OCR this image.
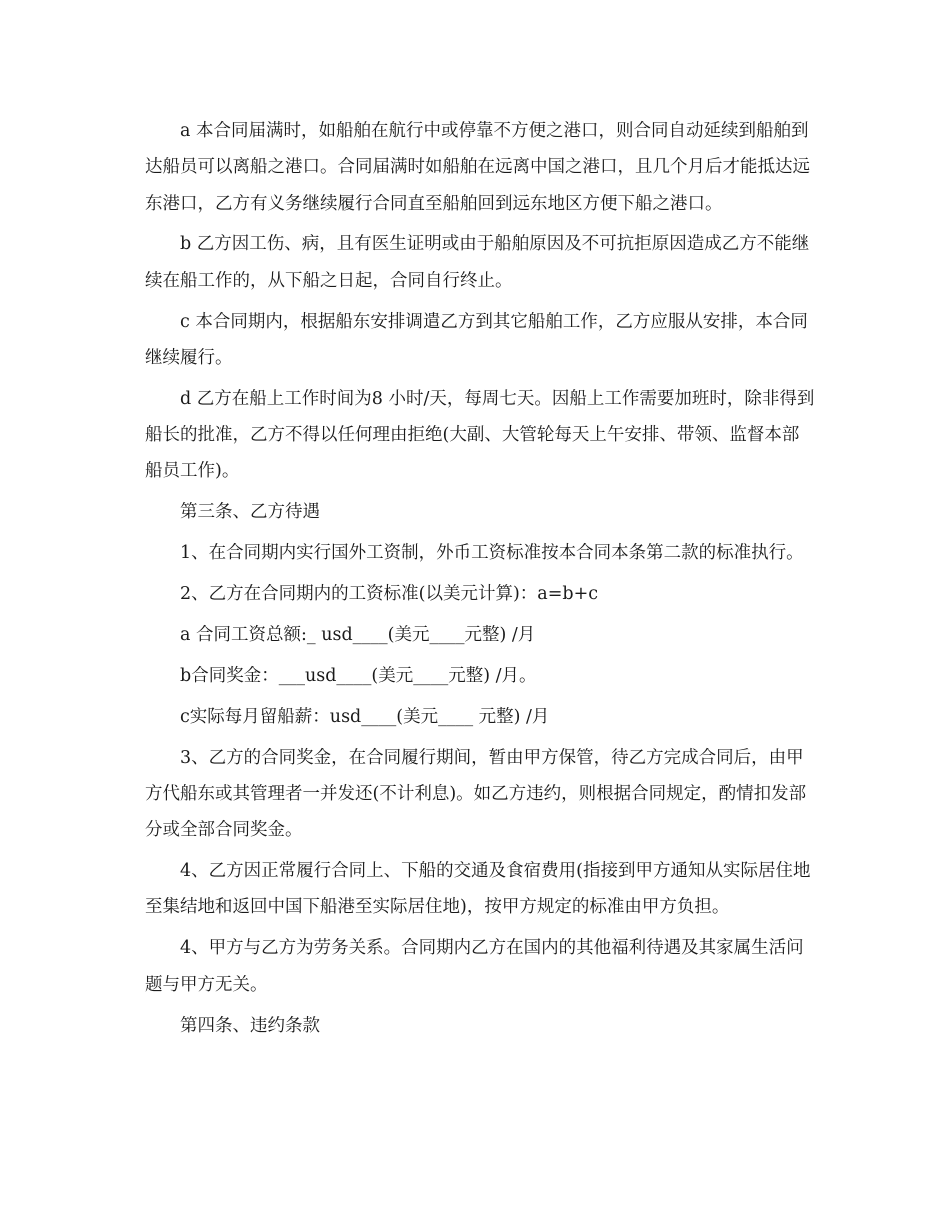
a 本合同届满时，如船舶在航行中或停靠不方便之港口，则合同自动延续到船舶到达船员可以离船之港口。合同届满时如船舶在远离中国之港口，且几个月后才能抵达远东港口，乙方有义务继续履行合同直至船舶回到远东地区方便下船之港口。

b 乙方因工伤、病，且有医生证明或由于船舶原因及不可抗拒原因造成乙方不能继续在船工作的，从下船之日起，合同自行终止。

c 本合同期内，根据船东安排调遣乙方到其它船舶工作，乙方应服从安排，本合同继续履行。

d 乙方在船上工作时间为8 小时/天，每周七天。因船上工作需要加班时，除非得到船长的批准，乙方不得以任何理由拒绝(大副、大管轮每天上午安排、带领、监督本部船员工作)。

第三条、乙方待遇

1、在合同期内实行国外工资制，外币工资标准按本合同本条第二款的标准执行。

2、乙方在合同期内的工资标准(以美元计算)：a=b+c

a 合同工资总额:_ usd____(美元____元整) /月

b合同奖金：___usd____(美元____元整) /月。

c实际每月留船薪：usd____(美元____ 元整) /月

3、乙方的合同奖金，在合同履行期间，暂由甲方保管，待乙方完成合同后，由甲方代船东或其管理者一并发还(不计利息)。如乙方违约，则根据合同规定，酌情扣发部分或全部合同奖金。

4、乙方因正常履行合同上、下船的交通及食宿费用(指接到甲方通知从实际居住地至集结地和返回中国下船港至实际居住地)，按甲方规定的标准由甲方负担。

4、甲方与乙方为劳务关系。合同期内乙方在国内的其他福利待遇及其家属生活问题与甲方无关。

第四条、违约条款
